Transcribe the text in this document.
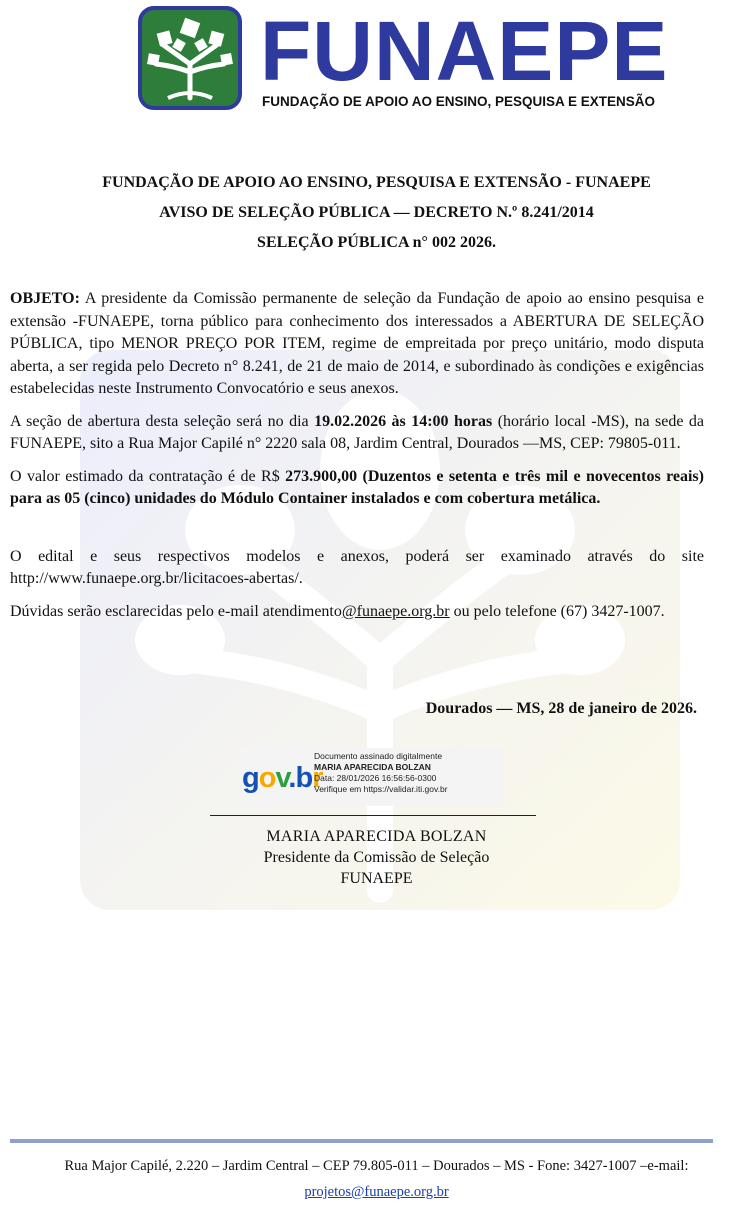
FUNAEPE
FUNDAÇÃO DE APOIO AO ENSINO, PESQUISA E EXTENSÃO
FUNDAÇÃO DE APOIO AO ENSINO, PESQUISA E EXTENSÃO - FUNAEPE
AVISO DE SELEÇÃO PÚBLICA — DECRETO N.º 8.241/2014
SELEÇÃO PÚBLICA n° 002 2026.

OBJETO: A presidente da Comissão permanente de seleção da Fundação de apoio ao ensino pesquisa e extensão -FUNAEPE, torna público para conhecimento dos interessados a ABERTURA DE SELEÇÃO PÚBLICA, tipo MENOR PREÇO POR ITEM, regime de empreitada por preço unitário, modo disputa aberta, a ser regida pelo Decreto n° 8.241, de 21 de maio de 2014, e subordinado às condições e exigências estabelecidas neste Instrumento Convocatório e seus anexos.

A seção de abertura desta seleção será no dia 19.02.2026 às 14:00 horas (horário local -MS), na sede da FUNAEPE, sito a Rua Major Capilé n° 2220 sala 08, Jardim Central, Dourados —MS, CEP: 79805-011.

O valor estimado da contratação é de R$ 273.900,00 (Duzentos e setenta e três mil e novecentos reais) para as 05 (cinco) unidades do Módulo Container instalados e com cobertura metálica.

O edital e seus respectivos modelos e anexos, poderá ser examinado através do site http://www.funaepe.org.br/licitacoes-abertas/.

Dúvidas serão esclarecidas pelo e-mail atendimento@funaepe.org.br ou pelo telefone (67) 3427-1007.

Dourados — MS, 28 de janeiro de 2026.
gov.br
Documento assinado digitalmente
MARIA APARECIDA BOLZAN
Data: 28/01/2026 16:56:56-0300
Verifique em https://validar.iti.gov.br
MARIA APARECIDA BOLZAN
Presidente da Comissão de Seleção
FUNAEPE
Rua Major Capilé, 2.220 – Jardim Central – CEP 79.805-011 – Dourados – MS - Fone: 3427-1007 –e-mail:
projetos@funaepe.org.br
